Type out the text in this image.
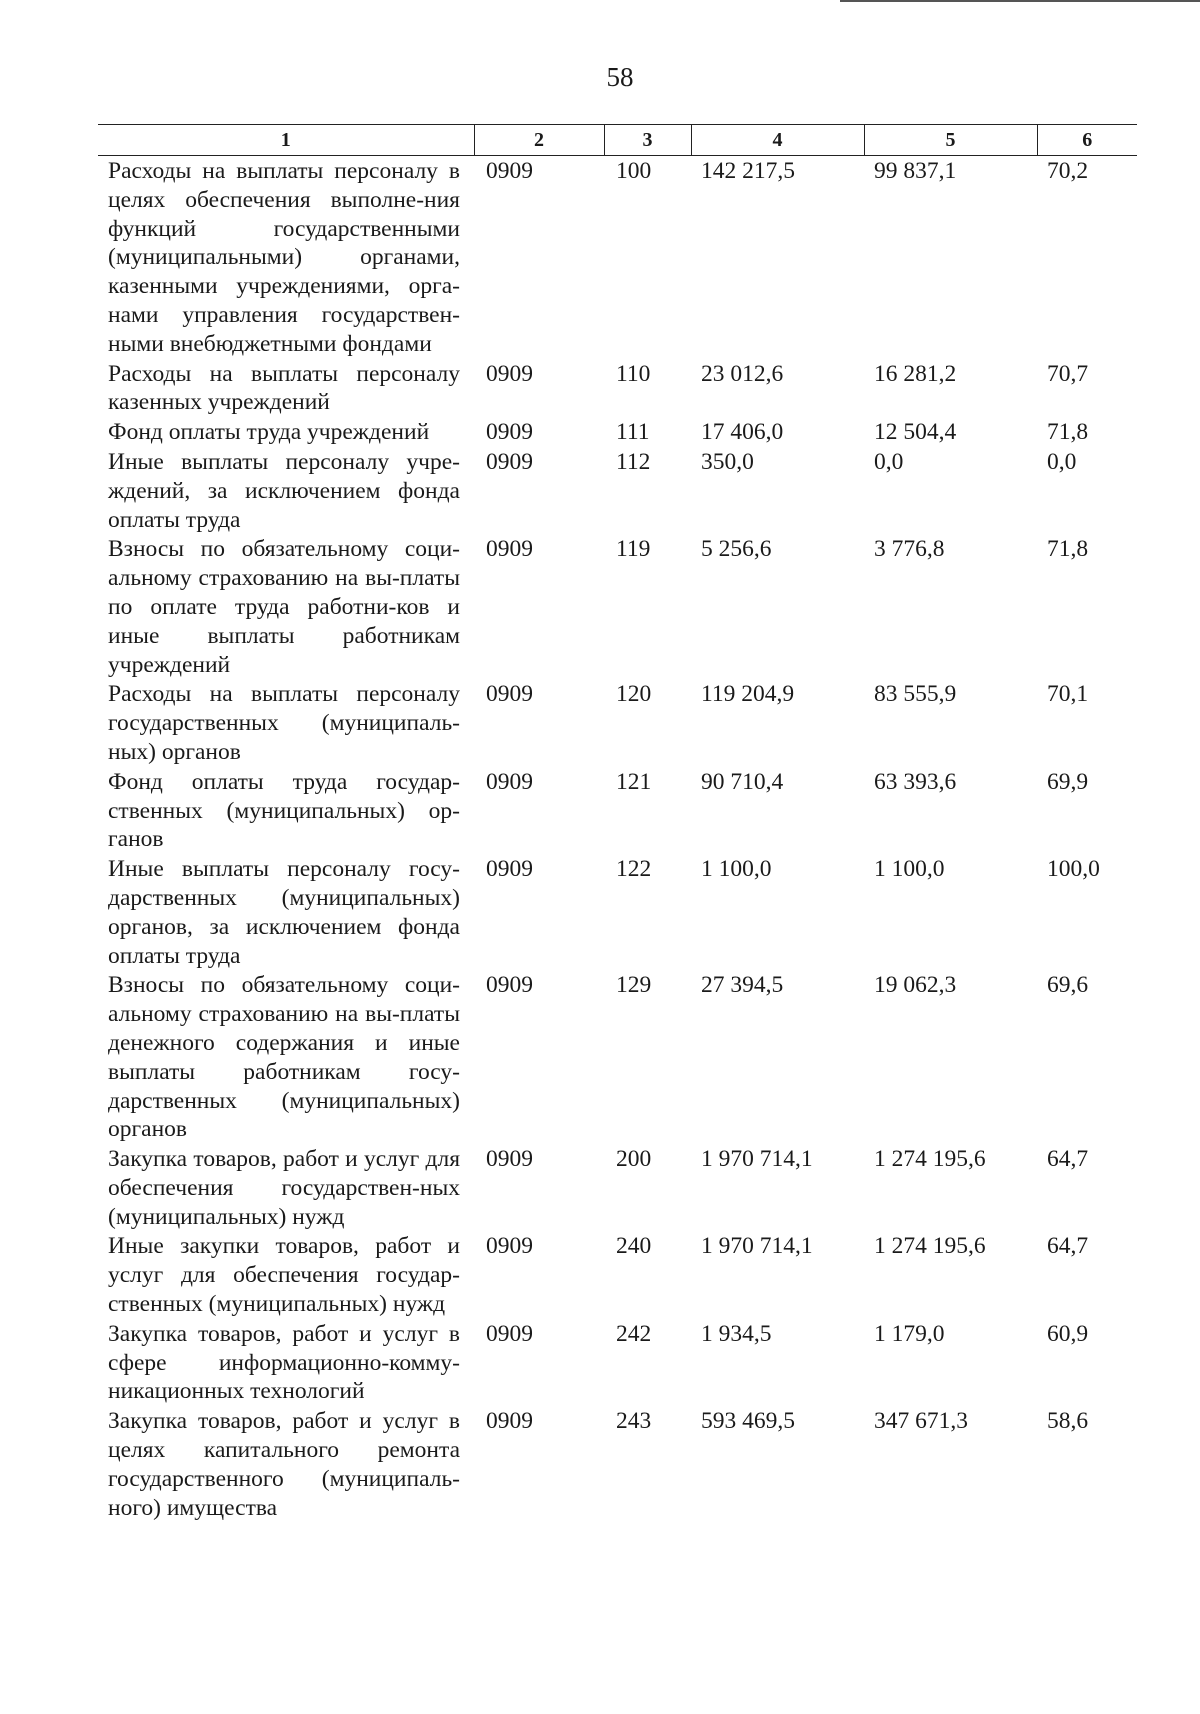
58
1	2	3	4	5	6
Расходы на выплаты персоналу в целях обеспечения выполне-ния функций государственными (муниципальными) органами, казенными учреждениями, орга-нами управления государствен-ными внебюджетными фондами	0909	100	142 217,5	99 837,1	70,2
Расходы на выплаты персоналу казенных учреждений	0909	110	23 012,6	16 281,2	70,7
Фонд оплаты труда учреждений	0909	111	17 406,0	12 504,4	71,8
Иные выплаты персоналу учре-ждений, за исключением фонда оплаты труда	0909	112	350,0	0,0	0,0
Взносы по обязательному соци-альному страхованию на вы-платы по оплате труда работни-ков и иные выплаты работникам учреждений	0909	119	5 256,6	3 776,8	71,8
Расходы на выплаты персоналу государственных (муниципаль-ных) органов	0909	120	119 204,9	83 555,9	70,1
Фонд оплаты труда государ-ственных (муниципальных) ор-ганов	0909	121	90 710,4	63 393,6	69,9
Иные выплаты персоналу госу-дарственных (муниципальных) органов, за исключением фонда оплаты труда	0909	122	1 100,0	1 100,0	100,0
Взносы по обязательному соци-альному страхованию на вы-платы денежного содержания и иные выплаты работникам госу-дарственных (муниципальных) органов	0909	129	27 394,5	19 062,3	69,6
Закупка товаров, работ и услуг для обеспечения государствен-ных (муниципальных) нужд	0909	200	1 970 714,1	1 274 195,6	64,7
Иные закупки товаров, работ и услуг для обеспечения государ-ственных (муниципальных) нужд	0909	240	1 970 714,1	1 274 195,6	64,7
Закупка товаров, работ и услуг в сфере информационно-комму-никационных технологий	0909	242	1 934,5	1 179,0	60,9
Закупка товаров, работ и услуг в целях капитального ремонта государственного (муниципаль-ного) имущества	0909	243	593 469,5	347 671,3	58,6
